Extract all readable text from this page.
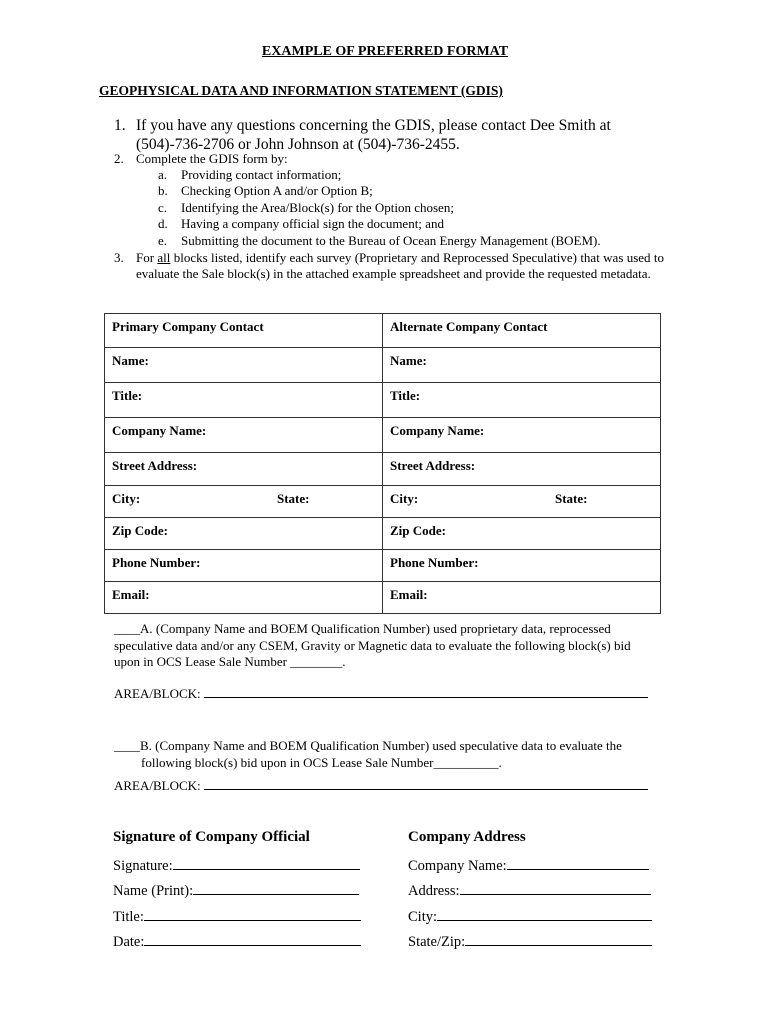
EXAMPLE OF PREFERRED FORMAT
GEOPHYSICAL DATA AND INFORMATION STATEMENT (GDIS)
1. If you have any questions concerning the GDIS, please contact Dee Smith at (504)-736-2706 or John Johnson at (504)-736-2455.
2. Complete the GDIS form by:
a. Providing contact information;
b. Checking Option A and/or Option B;
c. Identifying the Area/Block(s) for the Option chosen;
d. Having a company official sign the document; and
e. Submitting the document to the Bureau of Ocean Energy Management (BOEM).
3. For all blocks listed, identify each survey (Proprietary and Reprocessed Speculative) that was used to evaluate the Sale block(s) in the attached example spreadsheet and provide the requested metadata.
Primary Company Contact	Alternate Company Contact
Name:	Name:
Title:	Title:
Company Name:	Company Name:
Street Address:	Street Address:
City: State:	City: State:

Zip Code:	Zip Code:
Phone Number:	Phone Number:
Email:	Email:
____A. (Company Name and BOEM Qualification Number) used proprietary data, reprocessed speculative data and/or any CSEM, Gravity or Magnetic data to evaluate the following block(s) bid upon in OCS Lease Sale Number ________.
AREA/BLOCK:
____B. (Company Name and BOEM Qualification Number) used speculative data to evaluate the
following block(s) bid upon in OCS Lease Sale Number__________.
AREA/BLOCK:
Signature of Company Official
Signature:
Name (Print):
Title:
Date:
Company Address
Company Name:
Address:
City:
State/Zip:
